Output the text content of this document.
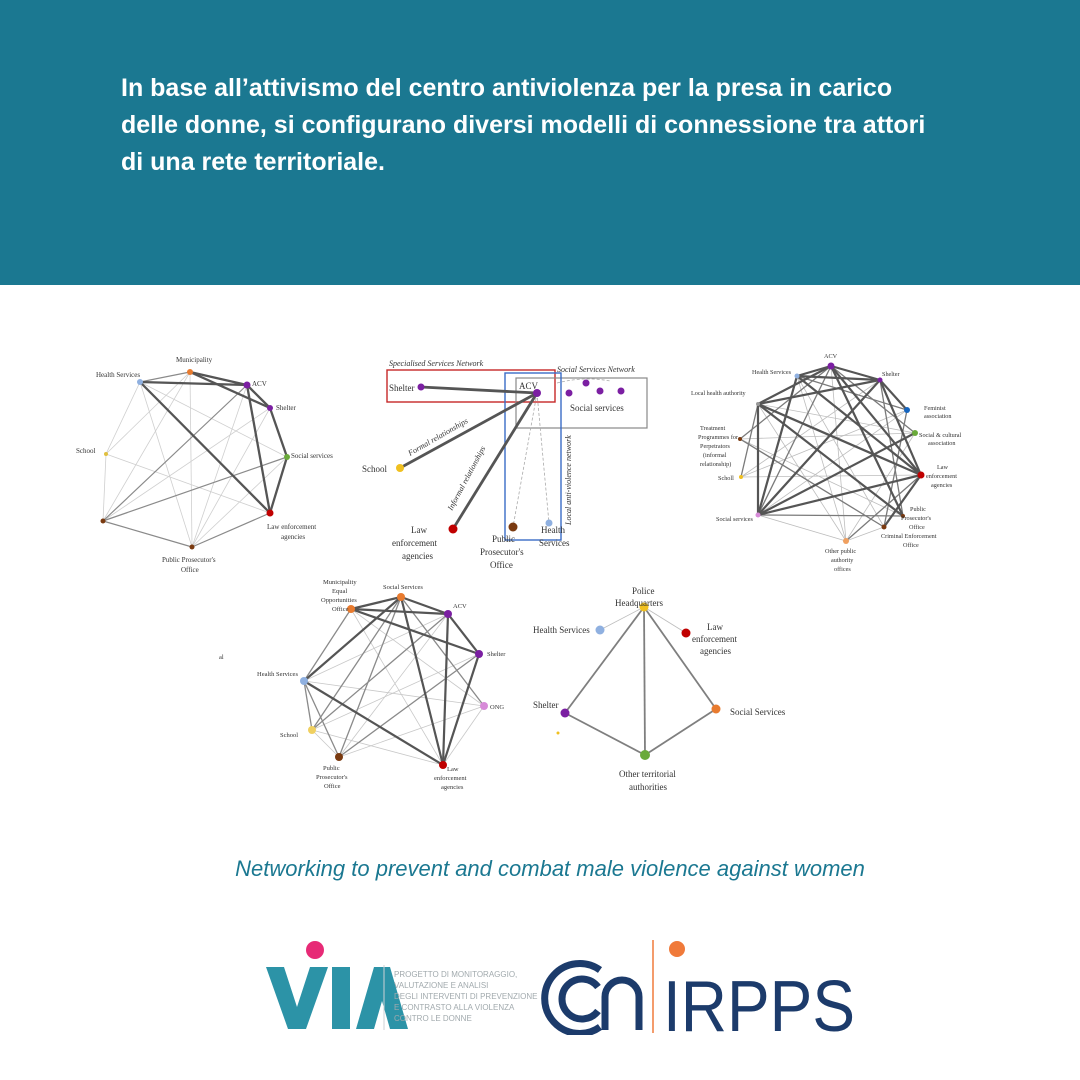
In base all’attivismo del centro antiviolenza per la presa in carico delle donne, si configurano diversi modelli di connessione tra attori di una rete territoriale.

Municipality
Health Services
ACV
Shelter
Social services
School
Law enforcement
agencies
Public Prosecutor's
Office
Specialised Services Network
Social Services Network
Shelter	ACV
Social services
Formal relationships
Informal relationships	Local anti-violence network
School
Law
enforcement
agencies
Public
Prosecutor's
Office
Health
Services
ACV
Health Services	Shelter
Local health authority
Feminist
association
Social & cultural
association
Treatment
Programmes for
Perpetrators
(informal
relationship)	Law
enforcement
agencies
Scholl
Public
Prosecutor's
Office
Social services
Criminal Enforcement
Office
Other public
authority
offices
Municipality
Equal
Opportunities
Office
Social Services
ACV
Shelter
ONG
Health Services
School
Public
Prosecutor's
Office
Law
enforcement
agencies
al
Police
Headquarters
Health Services	Law
enforcement
agencies
Shelter
Social Services
Other territorial
authorities
Networking to prevent and combat male violence against women
PROGETTO DI MONITORAGGIO,
VALUTAZIONE E ANALISI
DEGLI INTERVENTI DI PREVENZIONE
E CONTRASTO ALLA VIOLENZA
CONTRO LE DONNE	IRPPS
